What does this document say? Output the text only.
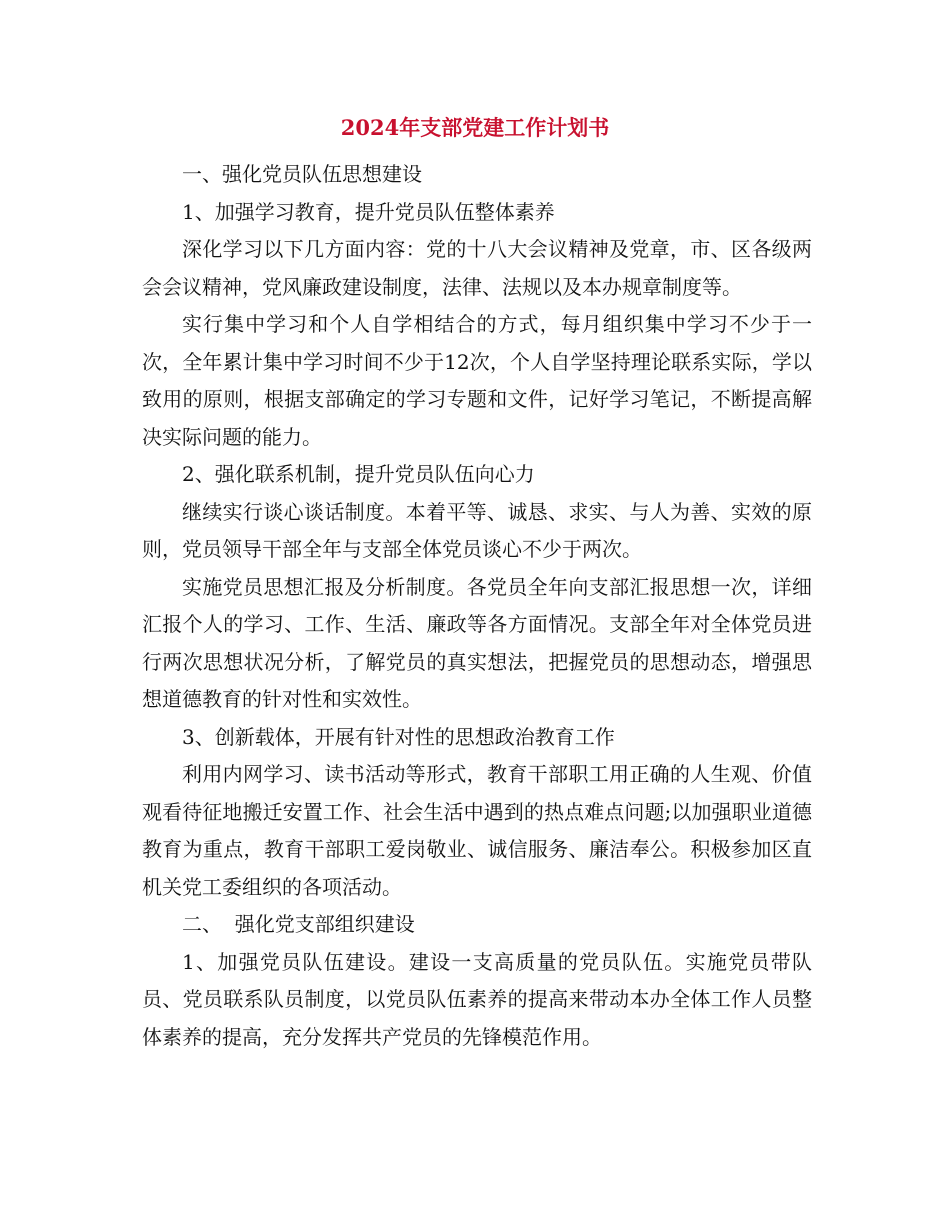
2024年支部党建工作计划书

一、强化党员队伍思想建设

1、加强学习教育，提升党员队伍整体素养

深化学习以下几方面内容：党的十八大会议精神及党章，市、区各级两会会议精神，党风廉政建设制度，法律、法规以及本办规章制度等。

实行集中学习和个人自学相结合的方式，每月组织集中学习不少于一次，全年累计集中学习时间不少于12次，个人自学坚持理论联系实际，学以致用的原则，根据支部确定的学习专题和文件，记好学习笔记，不断提高解决实际问题的能力。

2、强化联系机制，提升党员队伍向心力

继续实行谈心谈话制度。本着平等、诚恳、求实、与人为善、实效的原则，党员领导干部全年与支部全体党员谈心不少于两次。

实施党员思想汇报及分析制度。各党员全年向支部汇报思想一次，详细汇报个人的学习、工作、生活、廉政等各方面情况。支部全年对全体党员进行两次思想状况分析，了解党员的真实想法，把握党员的思想动态，增强思想道德教育的针对性和实效性。

3、创新载体，开展有针对性的思想政治教育工作

利用内网学习、读书活动等形式，教育干部职工用正确的人生观、价值观看待征地搬迁安置工作、社会生活中遇到的热点难点问题;以加强职业道德教育为重点，教育干部职工爱岗敬业、诚信服务、廉洁奉公。积极参加区直机关党工委组织的各项活动。

二、  强化党支部组织建设

1、加强党员队伍建设。建设一支高质量的党员队伍。实施党员带队员、党员联系队员制度，以党员队伍素养的提高来带动本办全体工作人员整体素养的提高，充分发挥共产党员的先锋模范作用。
